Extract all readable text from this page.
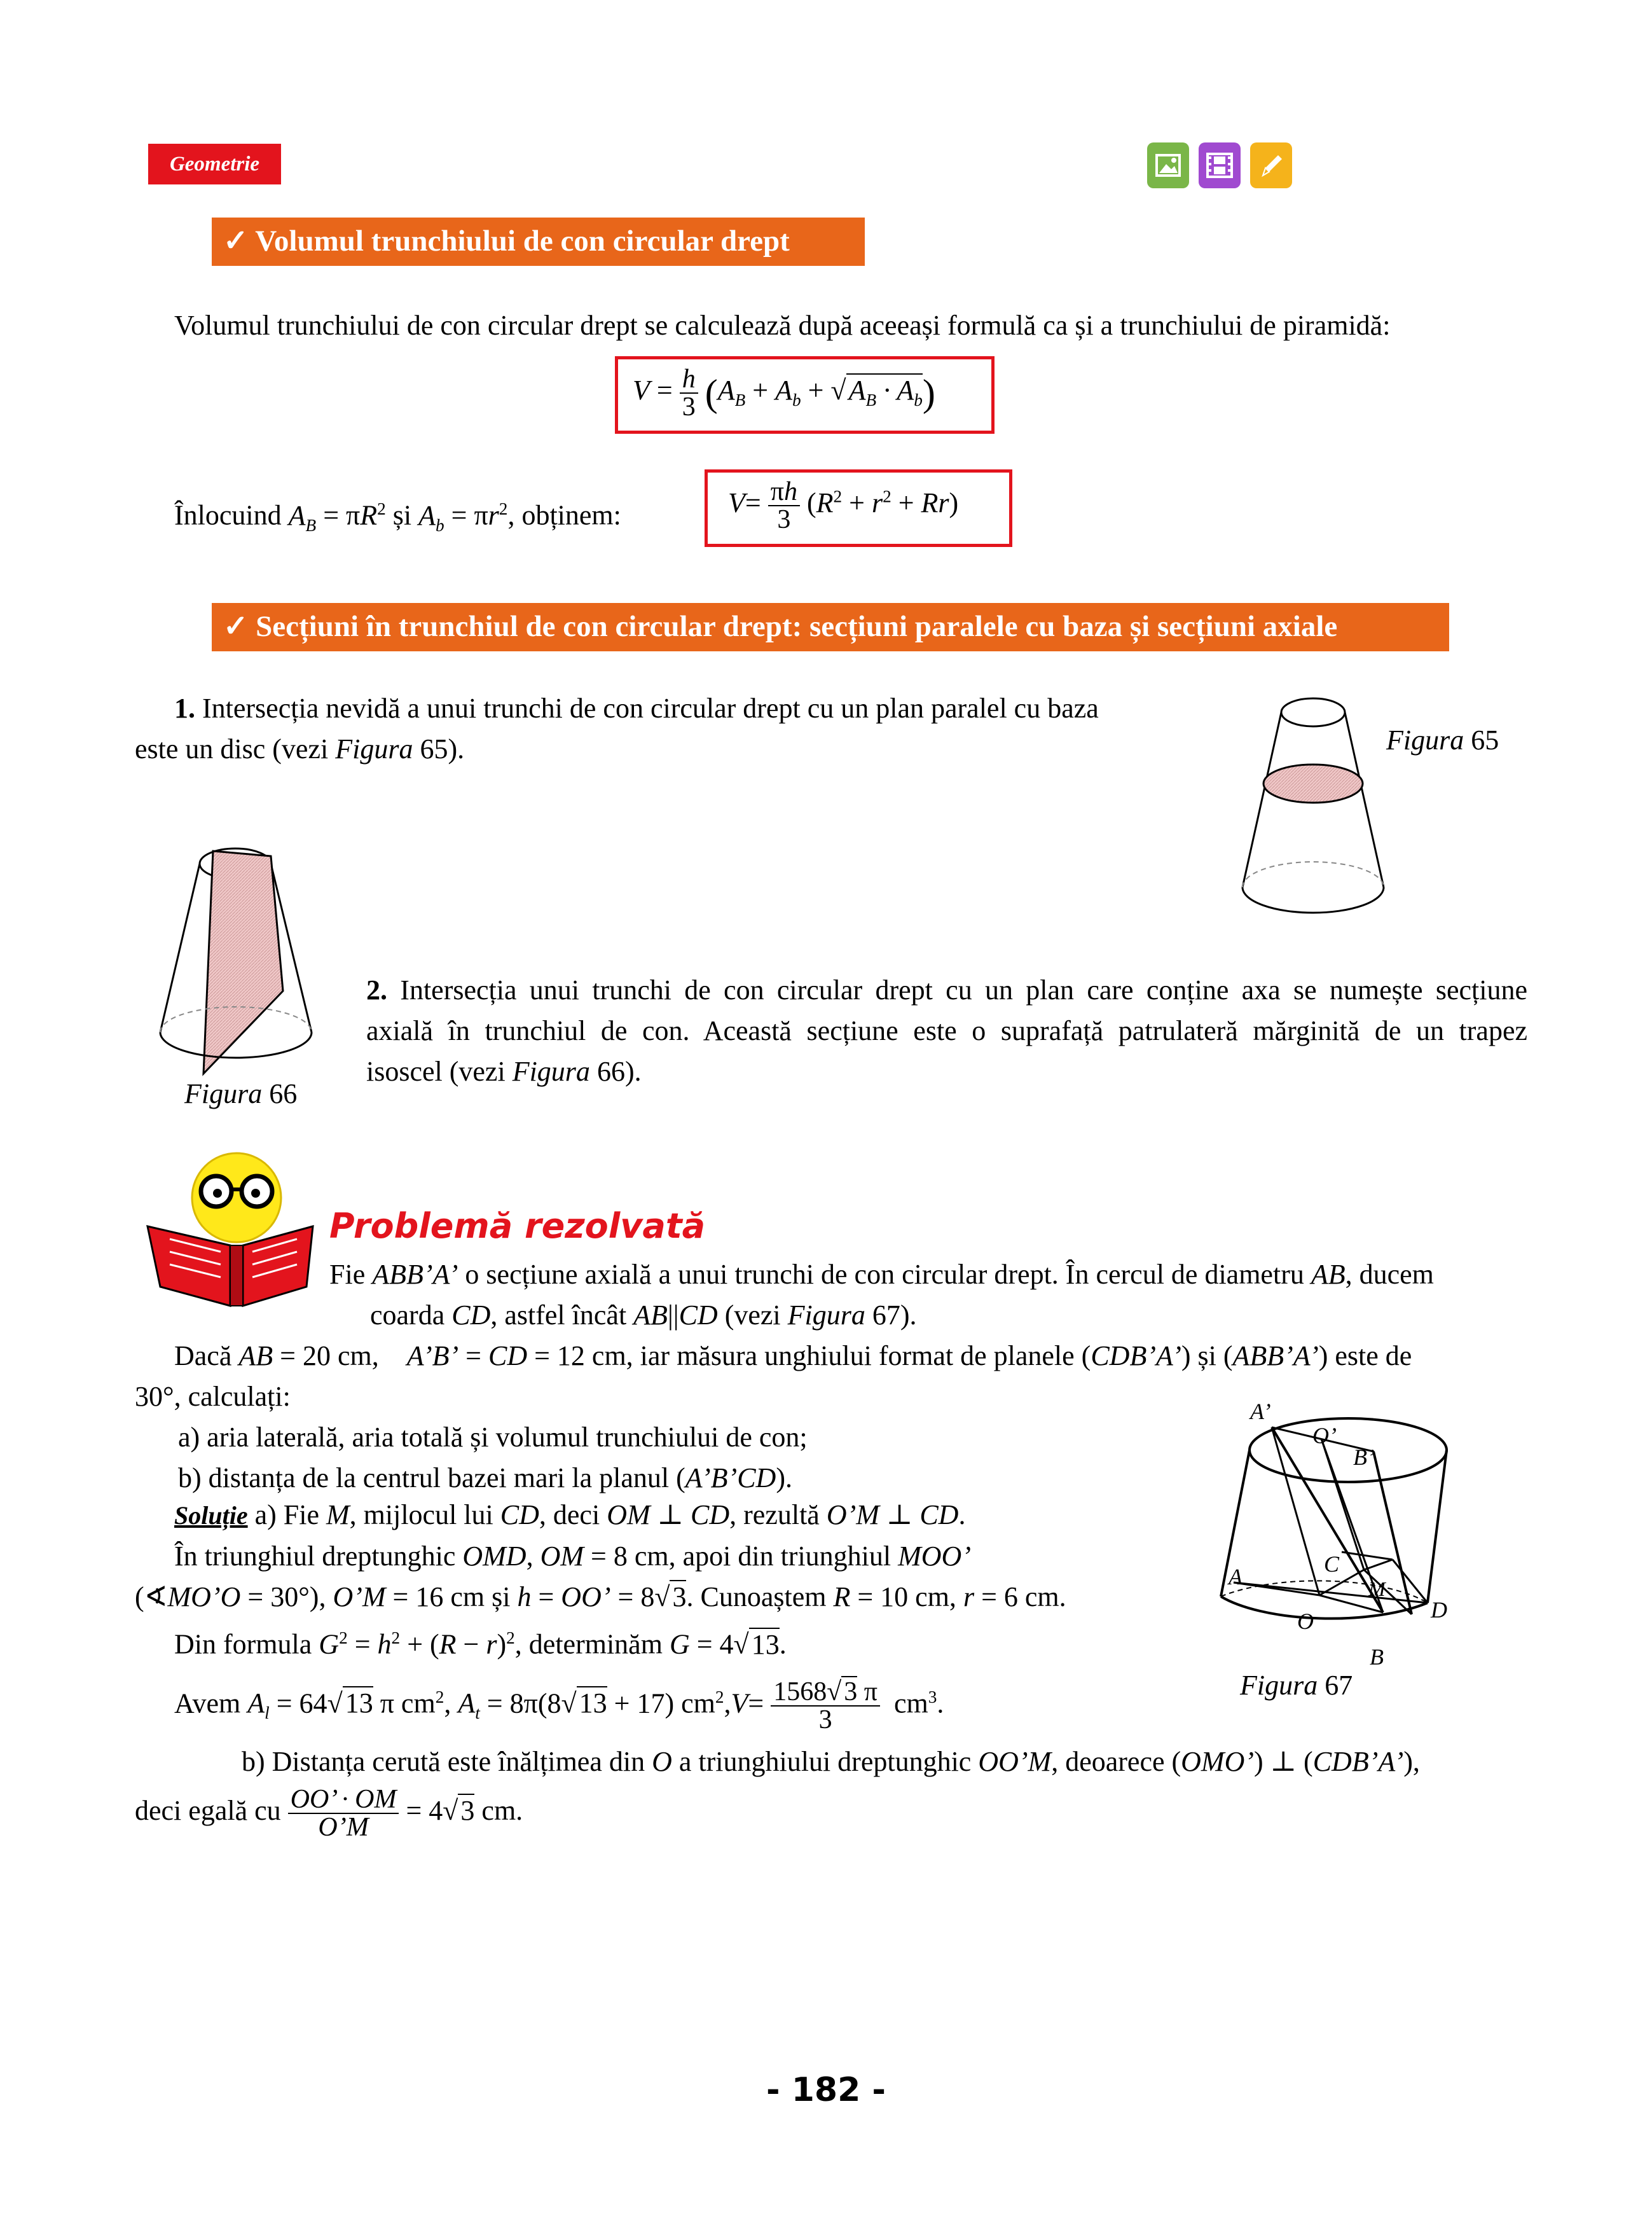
Geometrie
✓ Volumul trunchiului de con circular drept
Volumul trunchiului de con circular drept se calculează după aceeași formulă ca și a trunchiului de piramidă:
$V = \frac{h}{3} (A_B + A_b + √A_B \cdot A_b)$
Înlocuind $A_B = \pi R^2$ și $A_b = \pi r^2$, obținem:	$V= \frac{\pi h}{3} (R^2 + r^2 + Rr)$
✓ Secțiuni în trunchiul de con circular drept: secțiuni paralele cu baza și secțiuni axiale
1. Intersecția nevidă a unui trunchi de con circular drept cu un plan paralel cu baza
este un disc (vezi Figura 65).	Figura 65
Figura 66
2. Intersecția unui trunchi de con circular drept cu un plan care conține axa se numește secțiune
axială în trunchiul de con. Această secțiune este o suprafață patrulateră mărginită de un trapez
isoscel (vezi Figura 66).
Problemă rezolvată
Fie ABB’A’ o secțiune axială a unui trunchi de con circular drept. În cercul de diametru AB, ducem
coarda CD, astfel încât AB||CD (vezi Figura 67).
Dacă AB = 20 cm, A’B’ = CD = 12 cm, iar măsura unghiului format de planele (CDB’A’) și (ABB’A’) este de
30°, calculați:
a) aria laterală, aria totală și volumul trunchiului de con;
b) distanța de la centrul bazei mari la planul (A’B’CD).
A’
O’
B’
A	C
M
O	D
B
Figura 67
Soluție a) Fie M, mijlocul lui CD, deci OM ⊥ CD, rezultă O’M ⊥ CD.
În triunghiul dreptunghic OMD, OM = 8 cm, apoi din triunghiul MOO’
(∢MO’O = 30°), O’M = 16 cm și h = OO’ = 8√3. Cunoaștem R = 10 cm, r = 6 cm.
Din formula $G^2 = h^2 + (R - r)^2$, determinăm G = 4√13.
Avem $A_l = 64√13$ π $cm^2$, $A_t = 8\pi(8√13 + 17)$ $cm^2,V= \frac{1568√3 \pi}{3} cm^3$.
b) Distanța cerută este înălțimea din O a triunghiului dreptunghic OO’M, deoarece (OMO’) ⊥ (CDB’A’),
deci egală cu $\frac{OO’ \cdot OM}{O’M} = 4√3$ cm.
- 182 -
